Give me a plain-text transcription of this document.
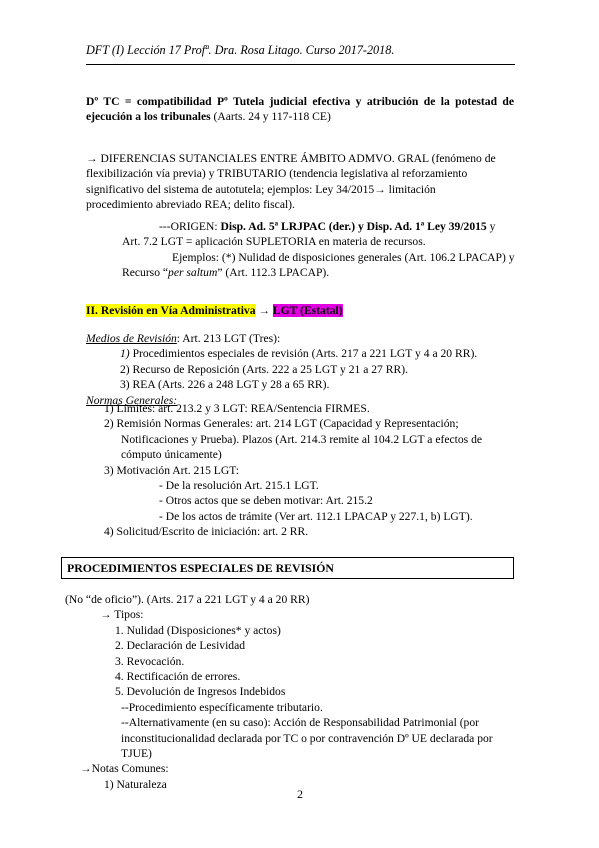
DFT (I) Lección 17 Profª. Dra. Rosa Litago. Curso 2017-2018.
Dº TC = compatibilidad Pº Tutela judicial efectiva y atribución de la potestad de ejecución a los tribunales (Aarts. 24 y 117-118 CE)
→ DIFERENCIAS SUTANCIALES ENTRE ÁMBITO ADMVO. GRAL (fenómeno de
flexibilización vía previa) y TRIBUTARIO (tendencia legislativa al reforzamiento
significativo del sistema de autotutela; ejemplos: Ley 34/2015→ limitación
procedimiento abreviado REA; delito fiscal).
---ORIGEN: Disp. Ad. 5ª LRJPAC (der.) y Disp. Ad. 1ª Ley 39/2015 y
Art. 7.2 LGT = aplicación SUPLETORIA en materia de recursos.
Ejemplos: (*) Nulidad de disposiciones generales (Art. 106.2 LPACAP) y
Recurso “per saltum” (Art. 112.3 LPACAP).
II. Revisión en Vía Administrativa → LGT (Estatal)
Medios de Revisión: Art. 213 LGT (Tres):
1) Procedimientos especiales de revisión (Arts. 217 a 221 LGT y 4 a 20 RR).
2) Recurso de Reposición (Arts. 222 a 25 LGT y 21 a 27 RR).
3) REA (Arts. 226 a 248 LGT y 28 a 65 RR).
Normas Generales:
1) Límites: art. 213.2 y 3 LGT: REA/Sentencia FIRMES.
2) Remisión Normas Generales: art. 214 LGT (Capacidad y Representación;
Notificaciones y Prueba). Plazos (Art. 214.3 remite al 104.2 LGT a efectos de
cómputo únicamente)
3) Motivación Art. 215 LGT:
- De la resolución Art. 215.1 LGT.
- Otros actos que se deben motivar: Art. 215.2
- De los actos de trámite (Ver art. 112.1 LPACAP y 227.1, b) LGT).
4) Solicitud/Escrito de iniciación: art. 2 RR.
PROCEDIMIENTOS ESPECIALES DE REVISIÓN
(No “de oficio”). (Arts. 217 a 221 LGT y 4 a 20 RR)
→ Tipos:
1. Nulidad (Disposiciones* y actos)
2. Declaración de Lesividad
3. Revocación.
4. Rectificación de errores.
5. Devolución de Ingresos Indebidos
--Procedimiento específicamente tributario.
--Alternativamente (en su caso): Acción de Responsabilidad Patrimonial (por
inconstitucionalidad declarada por TC o por contravención Dº UE declarada por
TJUE)
→Notas Comunes:
1) Naturaleza
2
